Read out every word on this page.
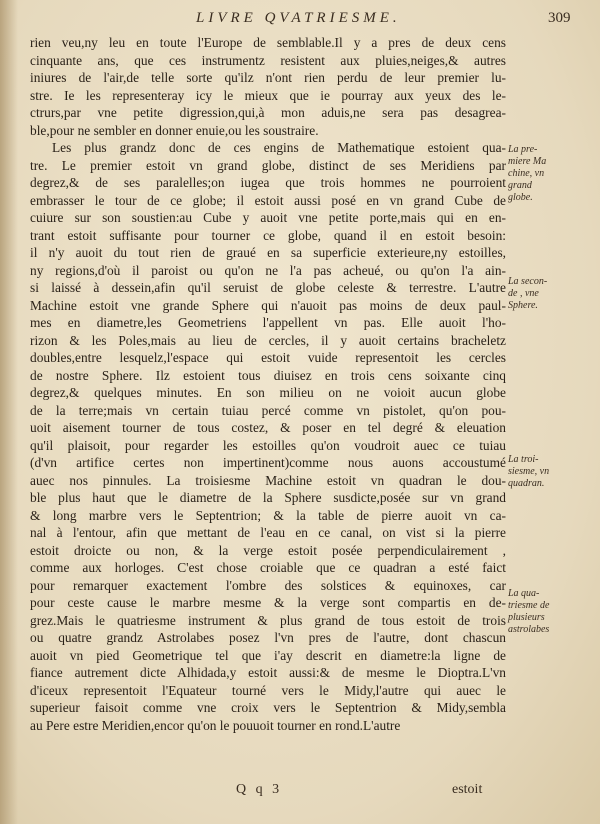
LIVRE QVATRIESME.	309
rien veu,ny leu en toute l'Europe de semblable.Il y a pres de deux cens
cinquante ans, que ces instrumentz resistent aux pluies,neiges,& autres
iniures de l'air,de telle sorte qu'ilz n'ont rien perdu de leur premier lu-
stre. Ie les representeray icy le mieux que ie pourray aux yeux des le-
ctrurs,par vne petite digression,qui,à mon aduis,ne sera pas desagrea-
ble,pour ne sembler en donner enuie,ou les soustraire.
Les plus grandz donc de ces engins de Mathematique estoient qua-
tre. Le premier estoit vn grand globe, distinct de ses Meridiens par
degrez,& de ses paralelles;on iugea que trois hommes ne pourroient
embrasser le tour de ce globe; il estoit aussi posé en vn grand Cube de
cuiure sur son soustien:au Cube y auoit vne petite porte,mais qui en en-
trant estoit suffisante pour tourner ce globe, quand il en estoit besoin:
il n'y auoit du tout rien de graué en sa superficie exterieure,ny estoilles,
ny regions,d'où il paroist ou qu'on ne l'a pas acheué, ou qu'on l'a ain-
si laissé à dessein,afin qu'il seruist de globe celeste & terrestre. L'autre
Machine estoit vne grande Sphere qui n'auoit pas moins de deux paul-
mes en diametre,les Geometriens l'appellent vn pas. Elle auoit l'ho-
rizon & les Poles,mais au lieu de cercles, il y auoit certains bracheletz
doubles,entre lesquelz,l'espace qui estoit vuide representoit les cercles
de nostre Sphere. Ilz estoient tous diuisez en trois cens soixante cinq
degrez,& quelques minutes. En son milieu on ne voioit aucun globe
de la terre;mais vn certain tuiau percé comme vn pistolet, qu'on pou-
uoit aisement tourner de tous costez, & poser en tel degré & eleuation
qu'il plaisoit, pour regarder les estoilles qu'on voudroit auec ce tuiau
(d'vn artifice certes non impertinent)comme nous auons accoustumé
auec nos pinnules. La troisiesme Machine estoit vn quadran le dou-
ble plus haut que le diametre de la Sphere susdicte,posée sur vn grand
& long marbre vers le Septentrion; & la table de pierre auoit vn ca-
nal à l'entour, afin que mettant de l'eau en ce canal, on vist si la pierre
estoit droicte ou non, & la verge estoit posée perpendiculairement ,
comme aux horloges. C'est chose croiable que ce quadran a esté faict
pour remarquer exactement l'ombre des solstices & equinoxes, car
pour ceste cause le marbre mesme & la verge sont compartis en de-
grez.Mais le quatriesme instrument & plus grand de tous estoit de trois
ou quatre grandz Astrolabes posez l'vn pres de l'autre, dont chascun
auoit vn pied Geometrique tel que i'ay descrit en diametre:la ligne de
fiance autrement dicte Alhidada,y estoit aussi:& de mesme le Dioptra.L'vn
d'iceux representoit l'Equateur tourné vers le Midy,l'autre qui auec le
superieur faisoit comme vne croix vers le Septentrion & Midy,sembla
au Pere estre Meridien,encor qu'on le pouuoit tourner en rond.L'autre
La pre-
miere Ma
chine, vn
grand
globe.
La secon-
de , vne
Sphere.
La troi-
siesme, vn
quadran.
La qua-
triesme de
plusieurs
astrolabes
Q q 3	estoit
